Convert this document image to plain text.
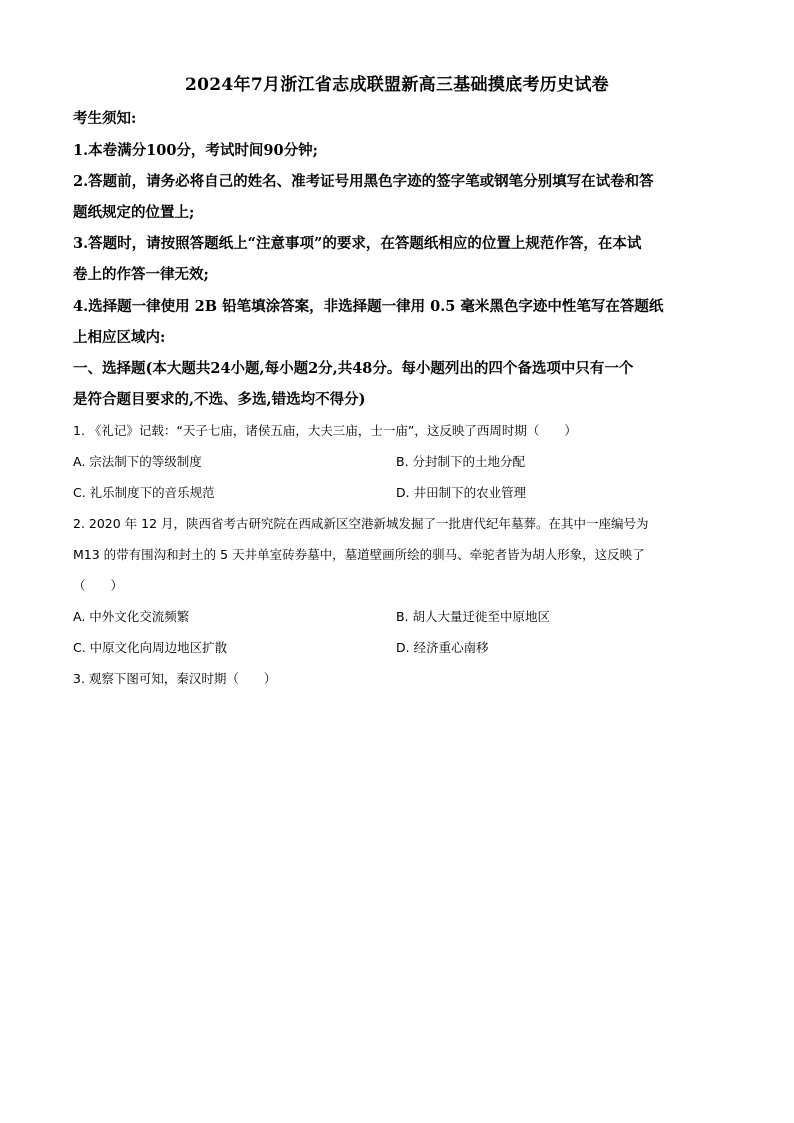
2024年7月浙江省志成联盟新高三基础摸底考历史试卷
考生须知:
1.本卷满分100分，考试时间90分钟;
2.答题前，请务必将自己的姓名、准考证号用黑色字迹的签字笔或钢笔分别填写在试卷和答
题纸规定的位置上;
3.答题时，请按照答题纸上“注意事项”的要求，在答题纸相应的位置上规范作答，在本试
卷上的作答一律无效;
4.选择题一律使用 2B 铅笔填涂答案，非选择题一律用 0.5 毫米黑色字迹中性笔写在答题纸
上相应区域内:
一、选择题(本大题共24小题,每小题2分,共48分。每小题列出的四个备选项中只有一个
是符合题目要求的,不选、多选,错选均不得分)
1. 《礼记》记载：“天子七庙，诸侯五庙，大夫三庙，士一庙”，这反映了西周时期（　　）
A. 宗法制下的等级制度	B. 分封制下的土地分配
C. 礼乐制度下的音乐规范	D. 井田制下的农业管理
2. 2020 年 12 月，陕西省考古研究院在西咸新区空港新城发掘了一批唐代纪年墓葬。在其中一座编号为
M13 的带有围沟和封土的 5 天井单室砖券墓中，墓道壁画所绘的驯马、牵驼者皆为胡人形象，这反映了
（　　）
A. 中外文化交流频繁	B. 胡人大量迁徙至中原地区
C. 中原文化向周边地区扩散	D. 经济重心南移
3. 观察下图可知，秦汉时期（　　）
